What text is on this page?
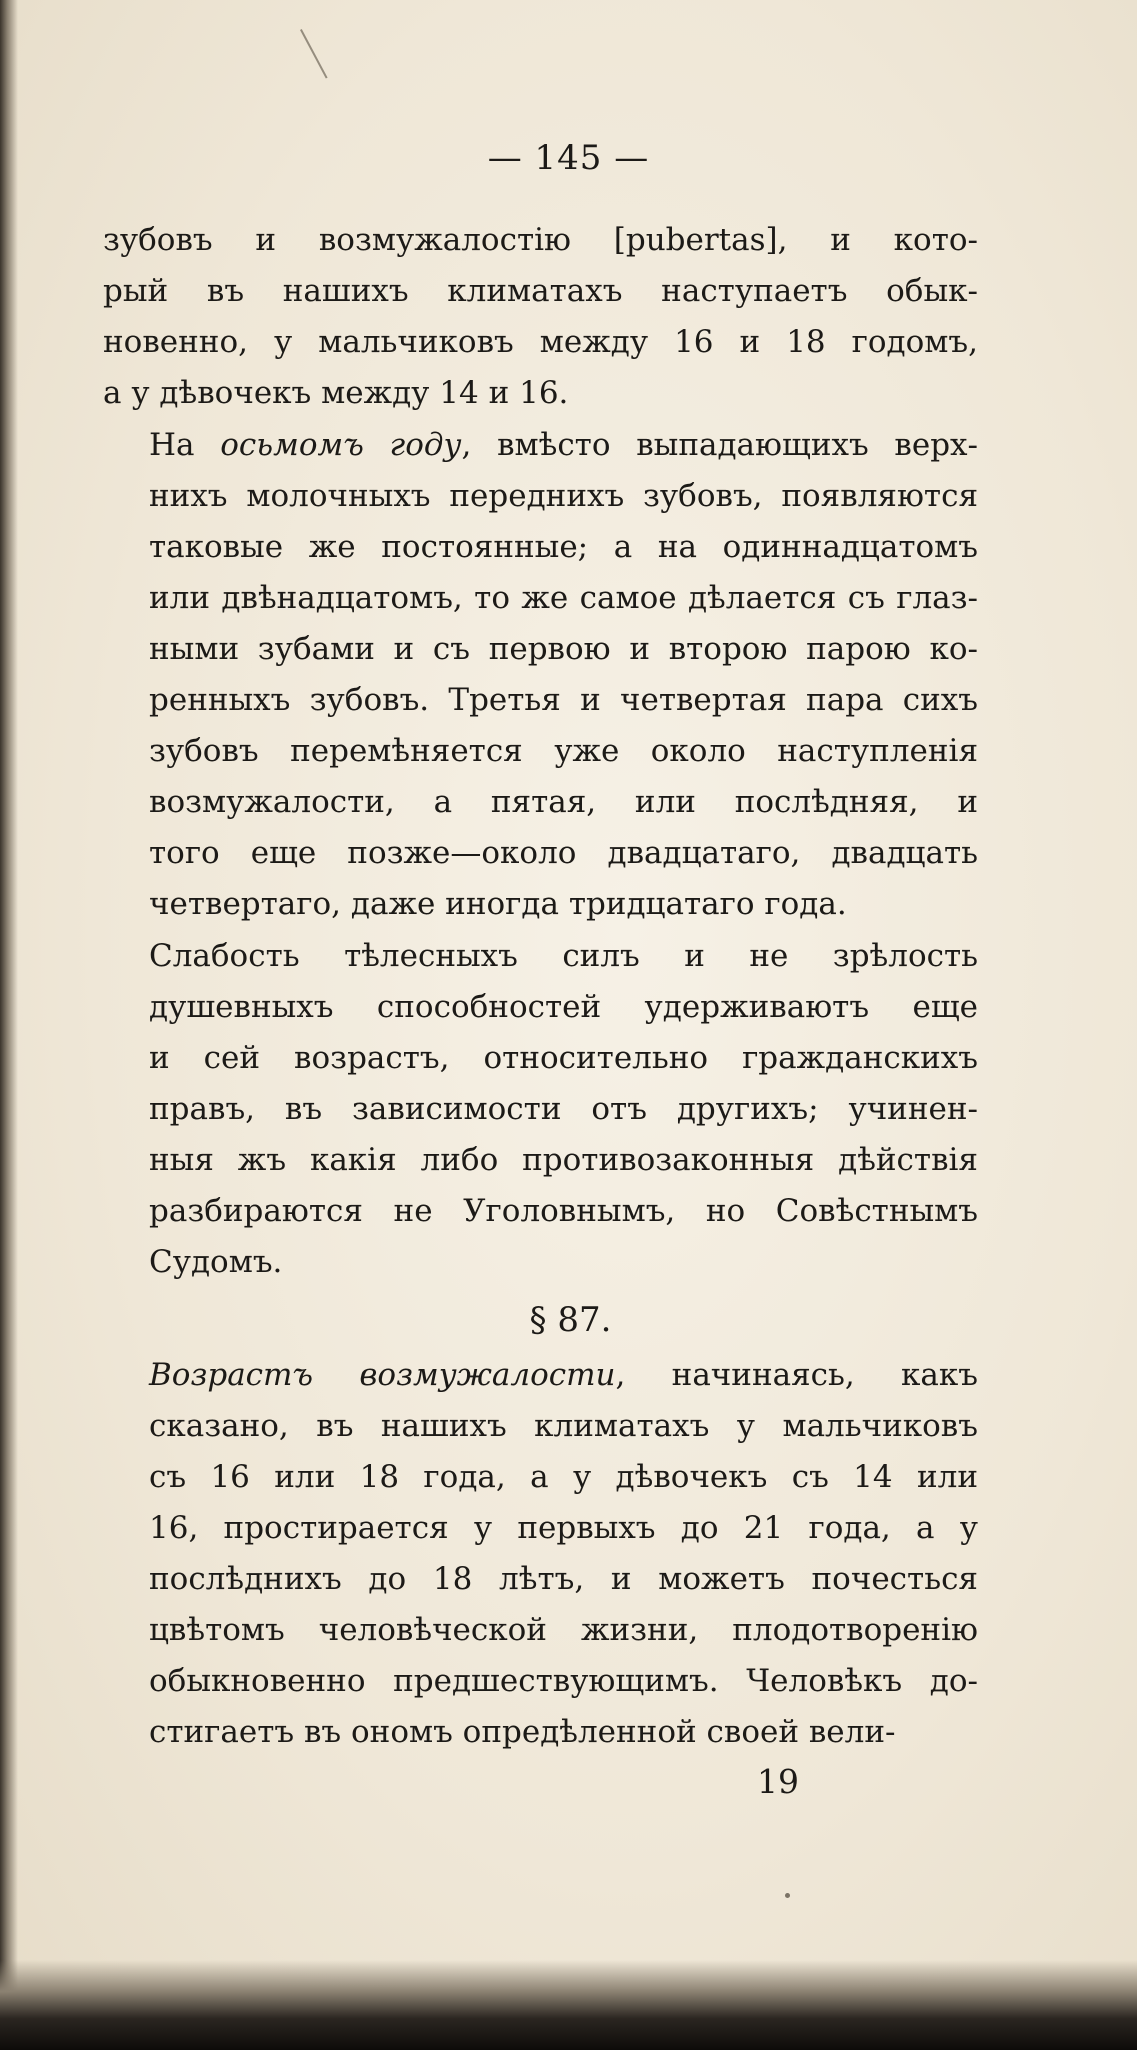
— 145 —
зубовъ и возмужалостію [pubertas], и кото-
рый въ нашихъ климатахъ наступаетъ обык-
новенно, у мальчиковъ между 16 и 18 годомъ,
а у дѣвочекъ между 14 и 16.
На осьмомъ году, вмѣсто выпадающихъ верх-
нихъ молочныхъ переднихъ зубовъ, появляются
таковые же постоянные; а на одиннадцатомъ
или двѣнадцатомъ, то же самое дѣлается съ глаз-
ными зубами и съ первою и второю парою ко-
ренныхъ зубовъ. Третья и четвертая пара сихъ
зубовъ перемѣняется уже около наступленія
возмужалости, а пятая, или послѣдняя, и
того еще позже—около двадцатаго, двадцать
четвертаго, даже иногда тридцатаго года.
Слабость тѣлесныхъ силъ и не зрѣлость
душевныхъ способностей удерживаютъ еще
и сей возрастъ, относительно гражданскихъ
правъ, въ зависимости отъ другихъ; учинен-
ныя жъ какія либо противозаконныя дѣйствія
разбираются не Уголовнымъ, но Совѣстнымъ
Судомъ.
§ 87.
Возрастъ возмужалости, начинаясь, какъ
сказано, въ нашихъ климатахъ у мальчиковъ
съ 16 или 18 года, а у дѣвочекъ съ 14 или
16, простирается у первыхъ до 21 года, а у
послѣднихъ до 18 лѣтъ, и можетъ почесться
цвѣтомъ человѣческой жизни, плодотворенію
обыкновенно предшествующимъ. Человѣкъ до-
стигаетъ въ ономъ опредѣленной своей вели-
19
